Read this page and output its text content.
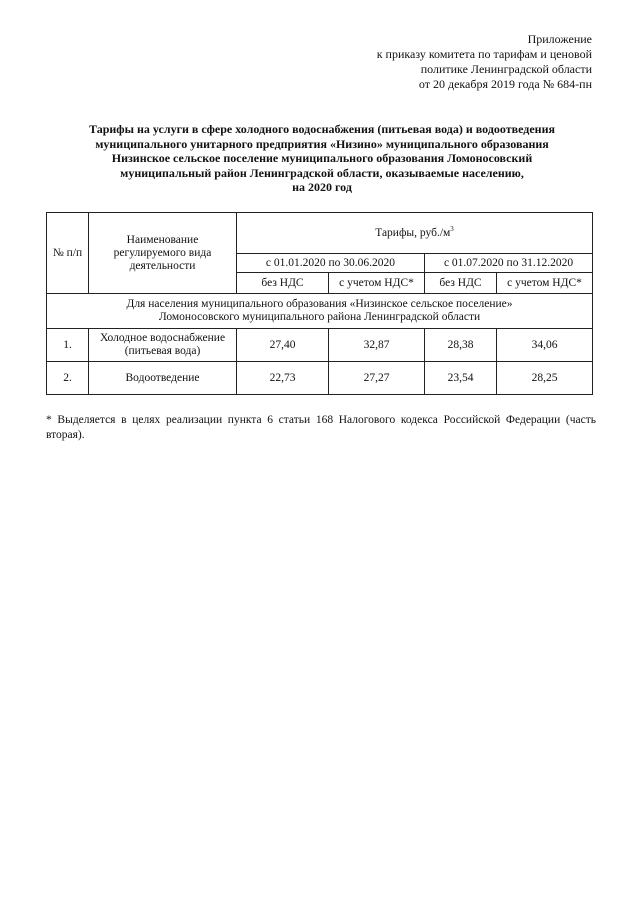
Приложение
к приказу комитета по тарифам и ценовой
политике Ленинградской области
от 20 декабря 2019 года № 684-пн
Тарифы на услуги в сфере холодного водоснабжения (питьевая вода) и водоотведения
муниципального унитарного предприятия «Низино» муниципального образования
Низинское сельское поселение муниципального образования Ломоносовский
муниципальный район Ленинградской области, оказываемые населению,
на 2020 год
№ п/п	Наименование регулируемого вида деятельности	Тарифы, $руб./м^3$
		с 01.01.2020 по 30.06.2020		с 01.07.2020 по 31.12.2020	
		без НДС	с учетом НДС*	без НДС	с учетом НДС*

Для населения муниципального образования «Низинское сельское поселение»
Ломоносовского муниципального района Ленинградской области					

1.	Холодное водоснабжение (питьевая вода)	27,40	32,87	28,38	34,06
2.	Водоотведение	22,73	27,27	23,54	28,25
* Выделяется в целях реализации пункта 6 статьи 168 Налогового кодекса Российской Федерации (часть вторая).
